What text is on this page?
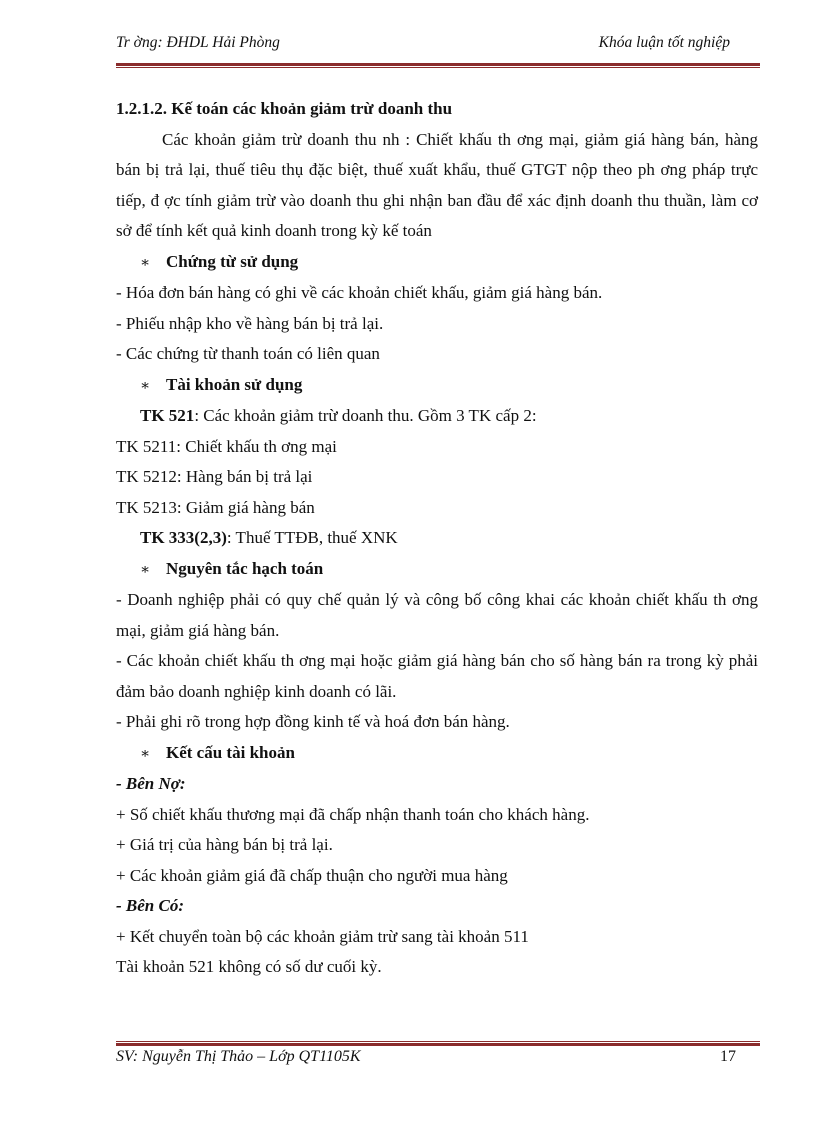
Tr ờng: ĐHDL Hải Phòng	Khóa luận tốt nghiệp

1.2.1.2. Kế toán các khoản giảm trừ doanh thu

Các khoản giảm trừ doanh thu nh : Chiết khấu th ơng mại, giảm giá hàng bán, hàng bán bị trả lại, thuế tiêu thụ đặc biệt, thuế xuất khẩu, thuế GTGT nộp theo ph ơng pháp trực tiếp, đ ợc tính giảm trừ vào doanh thu ghi nhận ban đầu để xác định doanh thu thuần, làm cơ sở để tính kết quả kinh doanh trong kỳ kế toán

∗ Chứng từ sử dụng

- Hóa đơn bán hàng có ghi về các khoản chiết khấu, giảm giá hàng bán.

- Phiếu nhập kho về hàng bán bị trả lại.

- Các chứng từ thanh toán có liên quan

∗ Tài khoản sử dụng

TK 521: Các khoản giảm trừ doanh thu. Gồm 3 TK cấp 2:

TK 5211: Chiết khấu th ơng mại

TK 5212: Hàng bán bị trả lại

TK 5213: Giảm giá hàng bán

TK 333(2,3): Thuế TTĐB, thuế XNK

∗ Nguyên tắc hạch toán

- Doanh nghiệp phải có quy chế quản lý và công bố công khai các khoản chiết khấu th ơng mại, giảm giá hàng bán.

- Các khoản chiết khấu th ơng mại hoặc giảm giá hàng bán cho số hàng bán ra trong kỳ phải đảm bảo doanh nghiệp kinh doanh có lãi.

- Phải ghi rõ trong hợp đồng kinh tế và hoá đơn bán hàng.

∗ Kết cấu tài khoản

- Bên Nợ:

+ Số chiết khấu thương mại đã chấp nhận thanh toán cho khách hàng.

+ Giá trị của hàng bán bị trả lại.

+ Các khoản giảm giá đã chấp thuận cho người mua hàng

- Bên Có:

+ Kết chuyển toàn bộ các khoản giảm trừ sang tài khoản 511

Tài khoản 521 không có số dư cuối kỳ.

SV: Nguyễn Thị Thảo – Lớp QT1105K	17
